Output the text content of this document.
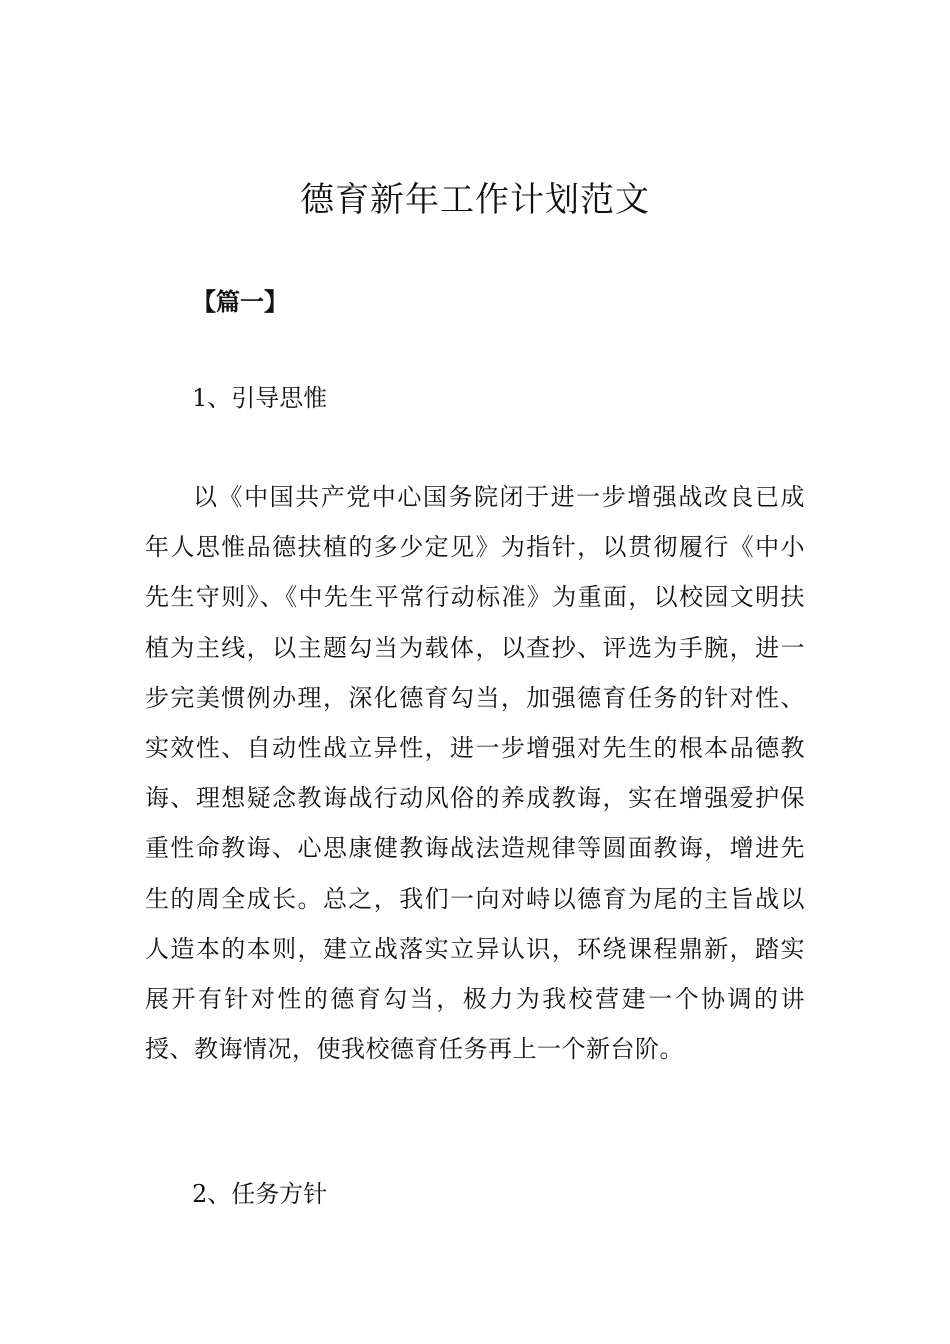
德育新年工作计划范文
【篇一】
1、引导思惟

以《中国共产党中心国务院闭于进一步增强战改良已成年人思惟品德扶植的多少定见》为指针，以贯彻履行《中小先生守则》、《中先生平常行动标准》为重面，以校园文明扶植为主线，以主题勾当为载体，以查抄、评选为手腕，进一步完美惯例办理，深化德育勾当，加强德育任务的针对性、实效性、自动性战立异性，进一步增强对先生的根本品德教诲、理想疑念教诲战行动风俗的养成教诲，实在增强爱护保重性命教诲、心思康健教诲战法造规律等圆面教诲，增进先生的周全成长。总之，我们一向对峙以德育为尾的主旨战以人造本的本则，建立战落实立异认识，环绕课程鼎新，踏实展开有针对性的德育勾当，极力为我校营建一个协调的讲授、教诲情况，使我校德育任务再上一个新台阶。

2、任务方针
